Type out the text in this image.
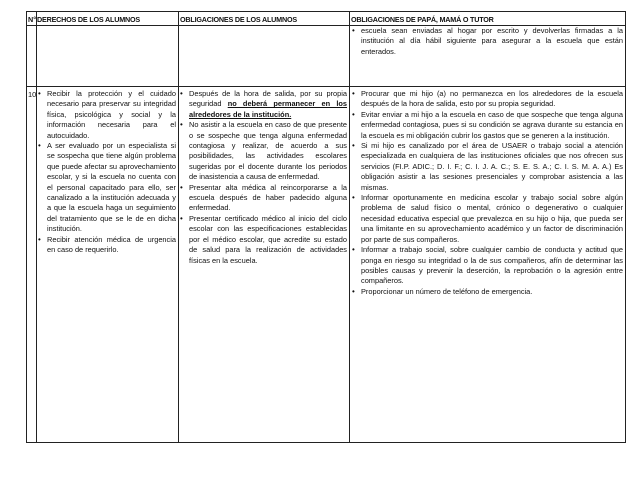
N° DERECHOS DE LOS ALUMNOS	OBLIGACIONES DE LOS ALUMNOS	OBLIGACIONES DE PAPÁ, MAMÁ O TUTOR
• escuela sean enviadas al hogar por escrito y devolverlas firmadas a la institución al día hábil siguiente para asegurar a la escuela que están enterados.
10
•	Recibir la protección y el cuidado necesario para preservar su integridad física, psicológica y social y la información necesaria para el autocuidado.
• A ser evaluado por un especialista si se sospecha que tiene algún problema que puede afectar su aprovechamiento escolar, y si la escuela no cuenta con el personal capacitado para ello, ser canalizado a la institución adecuada y a que la escuela haga un seguimiento del tratamiento que se le de en dicha institución.
• Recibir atención médica de urgencia en caso de requerirlo.
• Después de la hora de salida, por su propia seguridad no deberá permanecer en los alrededores de la institución.
• No asistir a la escuela en caso de que presente o se sospeche que tenga alguna enfermedad contagiosa y realizar, de acuerdo a sus posibilidades, las actividades escolares sugeridas por el docente durante los periodos de inasistencia a causa de enfermedad.
• Presentar alta médica al reincorporarse a la escuela después de haber padecido alguna enfermedad.
• Presentar certificado médico al inicio del ciclo escolar con las especificaciones establecidas por el médico escolar, que acredite su estado de salud para la realización de actividades físicas en la escuela.
• Procurar que mi hijo (a) no permanezca en los alrededores de la escuela después de la hora de salida, esto por su propia seguridad.
• Evitar enviar a mi hijo a la escuela en caso de que sospeche que tenga alguna enfermedad contagiosa, pues si su condición se agrava durante su estancia en la escuela es mi obligación cubrir los gastos que se generen a la institución.
• Si mi hijo es canalizado por el área de USAER o trabajo social a atención especializada en cualquiera de las instituciones oficiales que nos ofrecen sus servicios (FI.P. ADIC.; D. I. F.; C. I. J. A. C.; S. E. S. A.; C. I. S. M. A. A.) Es obligación asistir a las sesiones presenciales y comprobar asistencia a las mismas.
• Informar oportunamente en medicina escolar y trabajo social sobre algún problema de salud físico o mental, crónico o degenerativo o cualquier necesidad educativa especial que prevalezca en su hijo o hija, que pueda ser una limitante en su aprovechamiento académico y un factor de discriminación por parte de sus compañeros.
• Informar a trabajo social, sobre cualquier cambio de conducta y actitud que ponga en riesgo su integridad o la de sus compañeros, afín de determinar las posibles causas y prevenir la deserción, la reprobación o la agresión entre compañeros.
• Proporcionar un número de teléfono de emergencia.
